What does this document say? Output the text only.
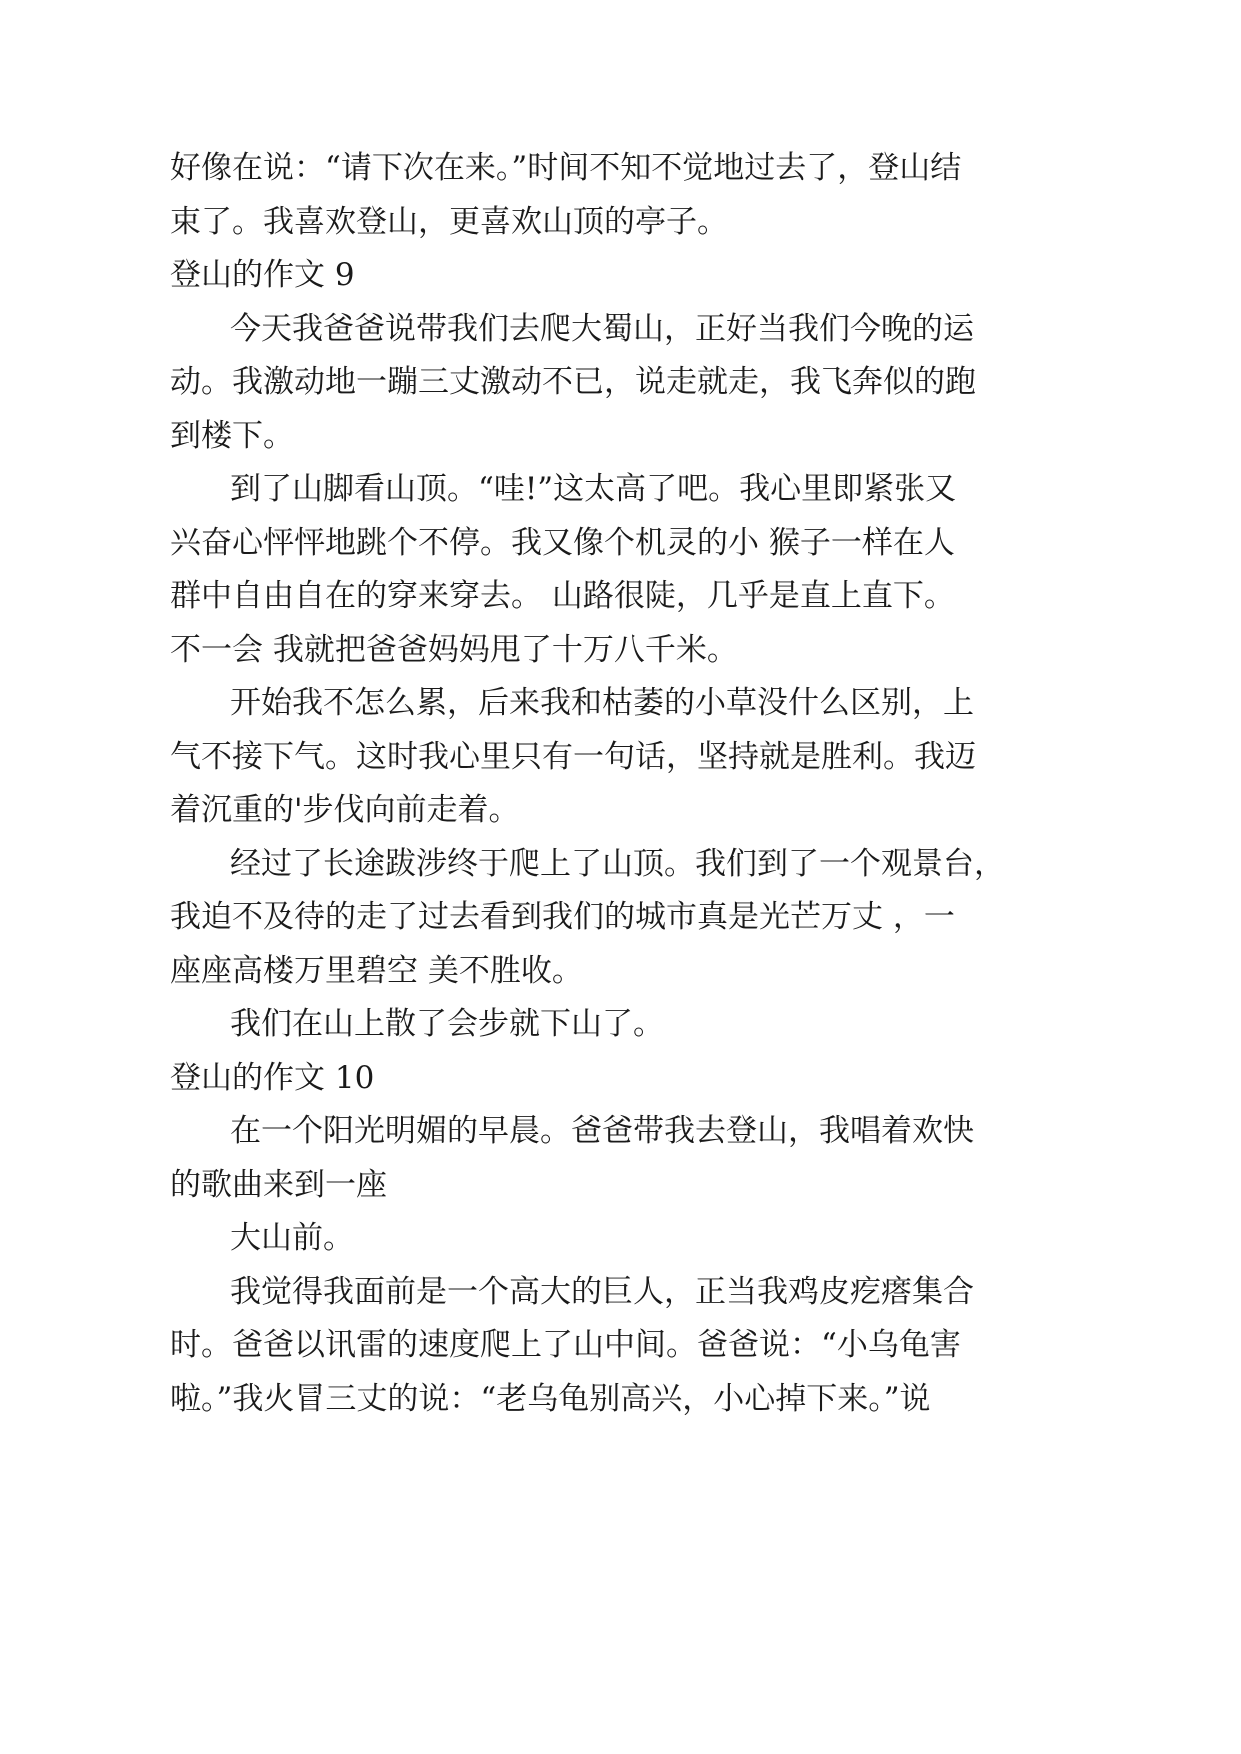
好像在说：“请下次在来。”时间不知不觉地过去了，登山结
束了。我喜欢登山，更喜欢山顶的亭子。
登山的作文 9
今天我爸爸说带我们去爬大蜀山，正好当我们今晚的运
动。我激动地一蹦三丈激动不已，说走就走，我飞奔似的跑
到楼下。
到了山脚看山顶。“哇!”这太高了吧。我心里即紧张又
兴奋心怦怦地跳个不停。我又像个机灵的小 猴子一样在人
群中自由自在的穿来穿去。 山路很陡，几乎是直上直下。
不一会 我就把爸爸妈妈甩了十万八千米。
开始我不怎么累，后来我和枯萎的小草没什么区别，上
气不接下气。这时我心里只有一句话，坚持就是胜利。我迈
着沉重的'步伐向前走着。
经过了长途跋涉终于爬上了山顶。我们到了一个观景台，
我迫不及待的走了过去看到我们的城市真是光芒万丈 ，一
座座高楼万里碧空 美不胜收。
我们在山上散了会步就下山了。
登山的作文 10
在一个阳光明媚的早晨。爸爸带我去登山，我唱着欢快
的歌曲来到一座
大山前。
我觉得我面前是一个高大的巨人，正当我鸡皮疙瘩集合
时。爸爸以讯雷的速度爬上了山中间。爸爸说：“小乌龟害
啦。”我火冒三丈的说：“老乌龟别高兴，小心掉下来。”说
